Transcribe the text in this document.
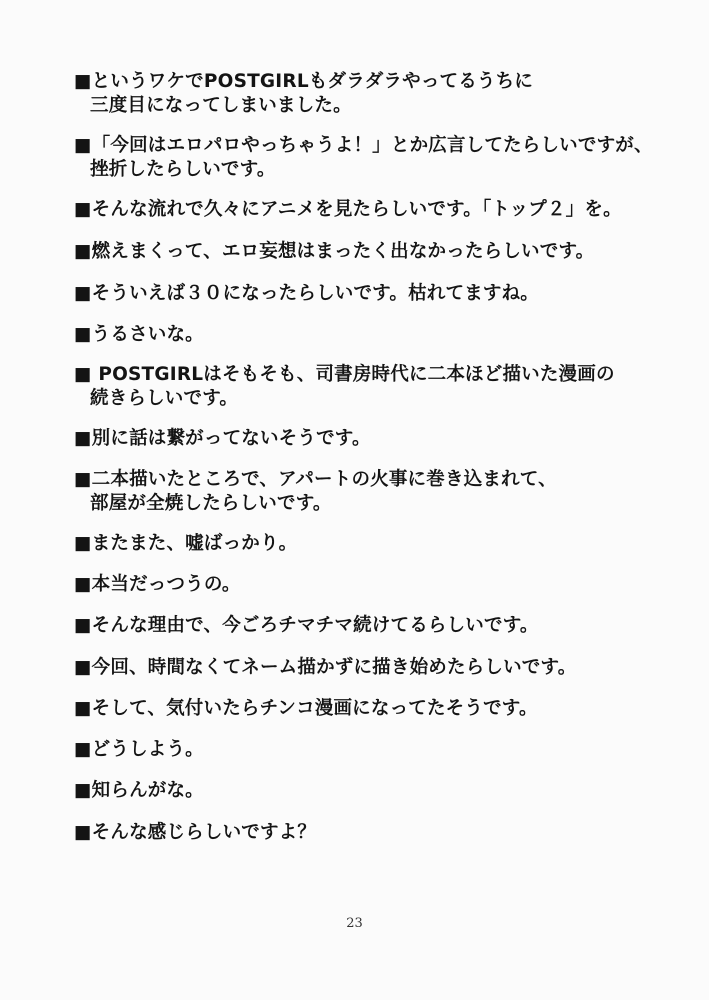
■というワケでPOSTGIRLもダラダラやってるうちに
三度目になってしまいました。
■「今回はエロパロやっちゃうよ！」とか広言してたらしいですが、
挫折したらしいです。
■そんな流れで久々にアニメを見たらしいです。「トップ２」を。
■燃えまくって、エロ妄想はまったく出なかったらしいです。
■そういえば３０になったらしいです。枯れてますね。
■うるさいな。
■ POSTGIRLはそもそも、司書房時代に二本ほど描いた漫画の
続きらしいです。
■別に話は繋がってないそうです。
■二本描いたところで、アパートの火事に巻き込まれて、
部屋が全焼したらしいです。
■またまた、嘘ばっかり。
■本当だっつうの。
■そんな理由で、今ごろチマチマ続けてるらしいです。
■今回、時間なくてネーム描かずに描き始めたらしいです。
■そして、気付いたらチンコ漫画になってたそうです。
■どうしよう。
■知らんがな。
■そんな感じらしいですよ？
23
